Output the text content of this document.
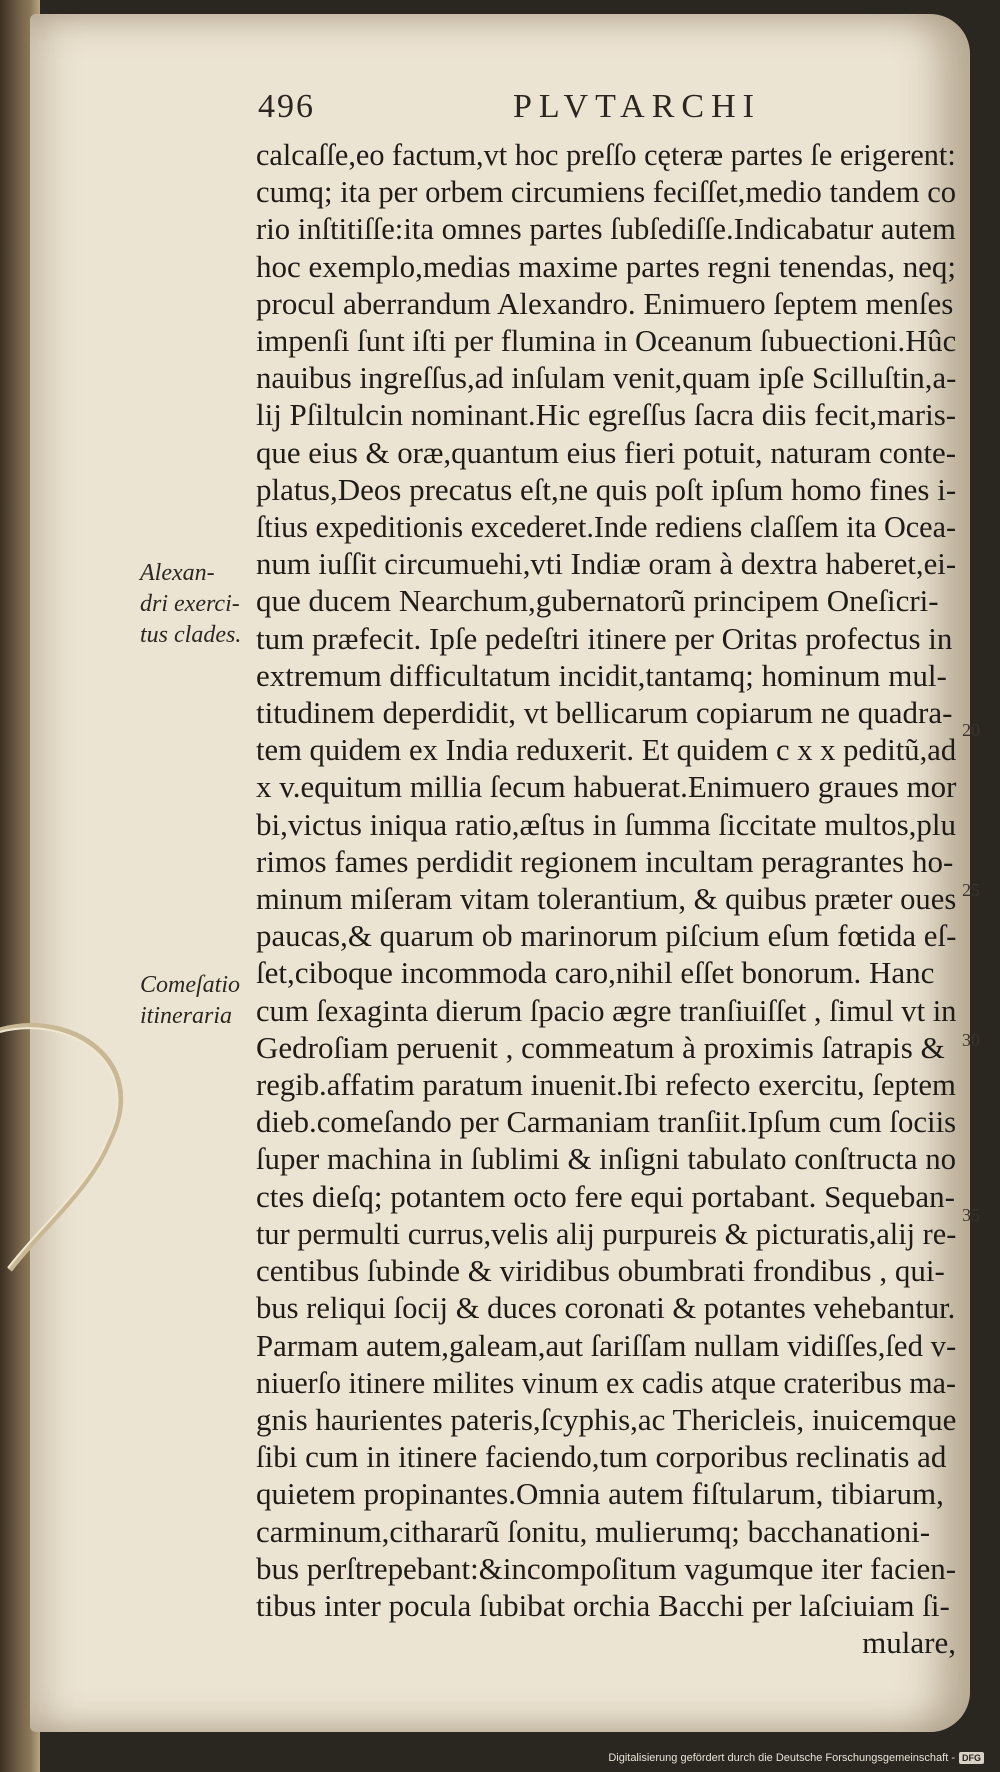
496	PLVTARCHI
calcaſſe,eo factum,vt hoc preſſo cęteræ partes ſe erigerent:
cumq; ita per orbem circumiens feciſſet,medio tandem co
rio inſtitiſſe:ita omnes partes ſubſediſſe.Indicabatur autem
hoc exemplo,medias maxime partes regni tenendas, neq;
procul aberrandum Alexandro. Enimuero ſeptem menſes
impenſi ſunt iſti per flumina in Oceanum ſubuectioni.Hûc
nauibus ingreſſus,ad inſulam venit,quam ipſe Scilluſtin,a-
lij Pſiltulcin nominant.Hic egreſſus ſacra diis fecit,maris-
que eius & oræ,quantum eius fieri potuit, naturam conte-
platus,Deos precatus eſt,ne quis poſt ipſum homo fines i-
ſtius expeditionis excederet.Inde rediens claſſem ita Ocea-
num iuſſit circumuehi,vti Indiæ oram à dextra haberet,ei-
que ducem Nearchum,gubernatorũ principem Oneſicri-
tum præfecit. Ipſe pedeſtri itinere per Oritas profectus in
extremum difficultatum incidit,tantamq; hominum mul-
titudinem deperdidit, vt bellicarum copiarum ne quadra-
tem quidem ex India reduxerit. Et quidem c x x peditũ,ad
x v.equitum millia ſecum habuerat.Enimuero graues mor
bi,victus iniqua ratio,æſtus in ſumma ſiccitate multos,plu
rimos fames perdidit regionem incultam peragrantes ho-
minum miſeram vitam tolerantium, & quibus præter oues
paucas,& quarum ob marinorum piſcium eſum fœtida eſ-
ſet,ciboque incommoda caro,nihil eſſet bonorum. Hanc
cum ſexaginta dierum ſpacio ægre tranſiuiſſet , ſimul vt in
Gedroſiam peruenit , commeatum à proximis ſatrapis &
regib.affatim paratum inuenit.Ibi refecto exercitu, ſeptem
dieb.comeſando per Carmaniam tranſiit.Ipſum cum ſociis
ſuper machina in ſublimi & inſigni tabulato conſtructa no
ctes dieſq; potantem octo fere equi portabant. Sequeban-
tur permulti currus,velis alij purpureis & picturatis,alij re-
centibus ſubinde & viridibus obumbrati frondibus , qui-
bus reliqui ſocij & duces coronati & potantes vehebantur.
Parmam autem,galeam,aut ſariſſam nullam vidiſſes,ſed v-
niuerſo itinere milites vinum ex cadis atque crateribus ma-
gnis haurientes pateris,ſcyphis,ac Thericleis, inuicemque
ſibi cum in itinere faciendo,tum corporibus reclinatis ad
quietem propinantes.Omnia autem fiſtularum, tibiarum,
carminum,cithararũ ſonitu, mulierumq; bacchanationi-
bus perſtrepebant:&incompoſitum vagumque iter facien-
tibus inter pocula ſubibat orchia Bacchi per laſciuiam ſi-
mulare,
Alexan-
dri exerci-
tus clades.
Comeſatio
itineraria
20
25
30
35
Digitalisierung gefördert durch die Deutsche Forschungsgemeinschaft - DFG
